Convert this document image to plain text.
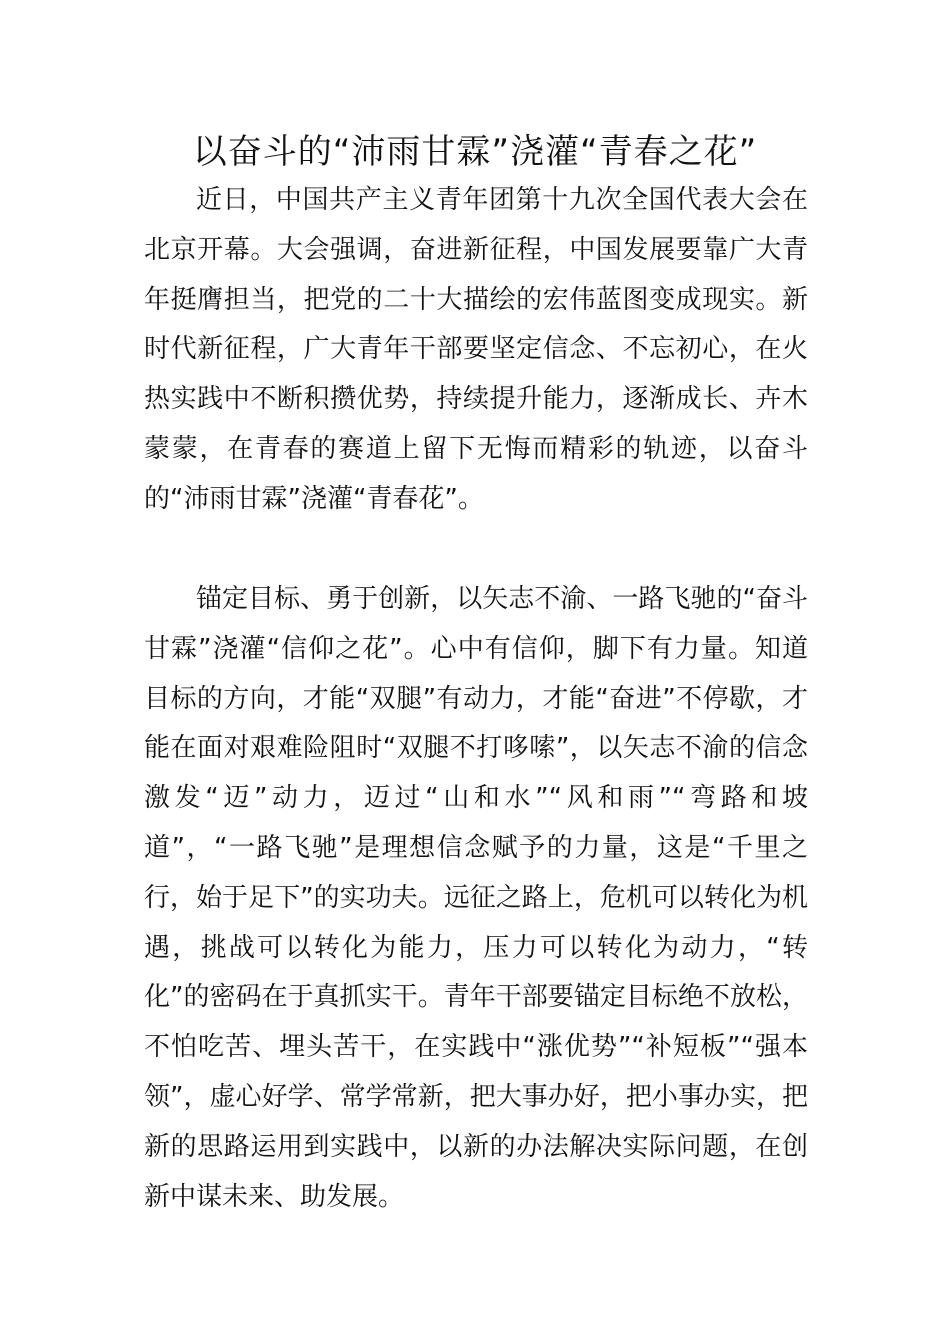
以奋斗的“沛雨甘霖”浇灌“青春之花”

近日，中国共产主义青年团第十九次全国代表大会在北京开幕。大会强调，奋进新征程，中国发展要靠广大青年挺膺担当，把党的二十大描绘的宏伟蓝图变成现实。新时代新征程，广大青年干部要坚定信念、不忘初心，在火热实践中不断积攒优势，持续提升能力，逐渐成长、卉木蒙蒙，在青春的赛道上留下无悔而精彩的轨迹，以奋斗的“沛雨甘霖”浇灌“青春花”。

锚定目标、勇于创新，以矢志不渝、一路飞驰的“奋斗甘霖”浇灌“信仰之花”。心中有信仰，脚下有力量。知道目标的方向，才能“双腿”有动力，才能“奋进”不停歇，才能在面对艰难险阻时“双腿不打哆嗦”，以矢志不渝的信念激发“迈”动力，迈过“山和水”“风和雨”“弯路和坡道”，“一路飞驰”是理想信念赋予的力量，这是“千里之行，始于足下”的实功夫。远征之路上，危机可以转化为机遇，挑战可以转化为能力，压力可以转化为动力，“转化”的密码在于真抓实干。青年干部要锚定目标绝不放松，不怕吃苦、埋头苦干，在实践中“涨优势”“补短板”“强本领”，虚心好学、常学常新，把大事办好，把小事办实，把新的思路运用到实践中，以新的办法解决实际问题，在创新中谋未来、助发展。
